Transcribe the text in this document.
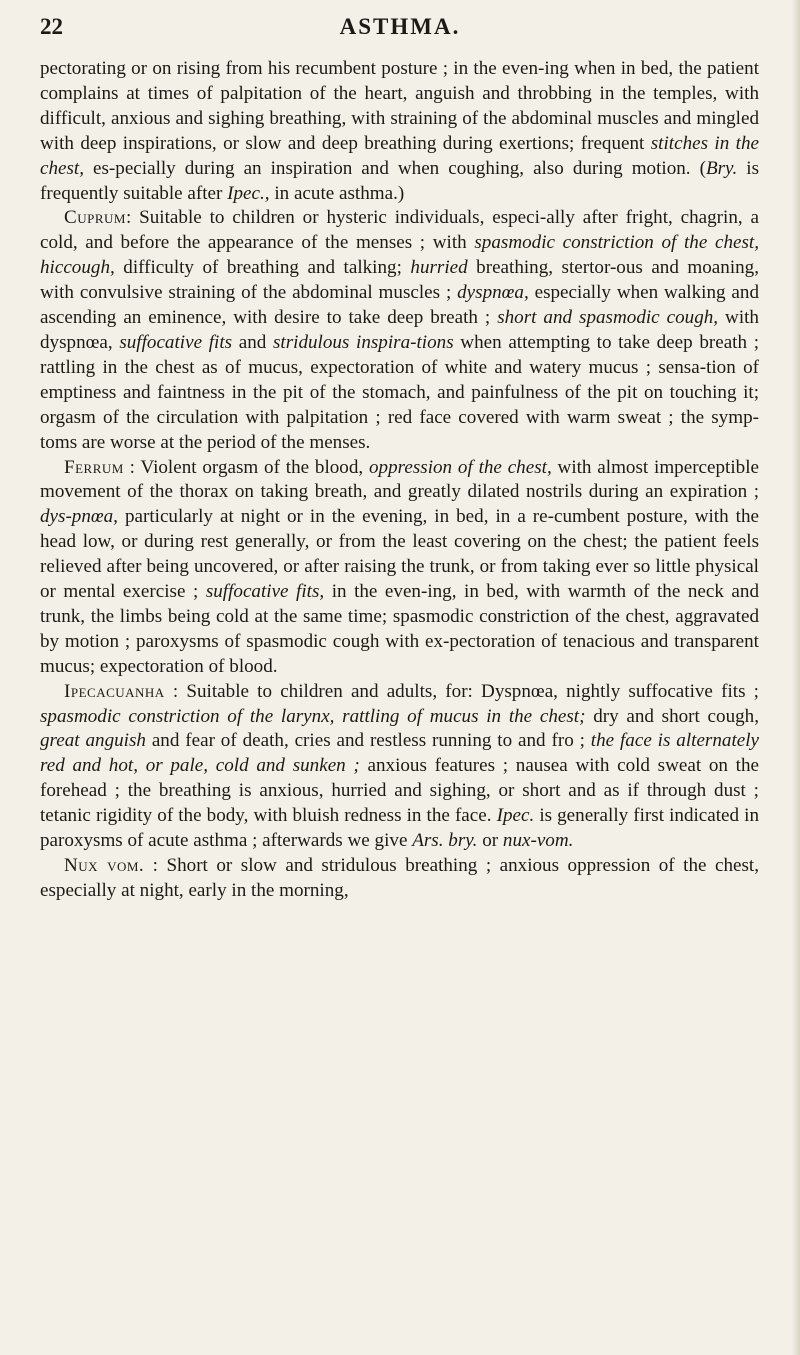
22	ASTHMA.

pectorating or on rising from his recumbent posture ; in the even-ing when in bed, the patient complains at times of palpitation of the heart, anguish and throbbing in the temples, with difficult, anxious and sighing breathing, with straining of the abdominal muscles and mingled with deep inspirations, or slow and deep breathing during exertions; frequent stitches in the chest, es-pecially during an inspiration and when coughing, also during motion. (Bry. is frequently suitable after Ipec., in acute asthma.)

Cuprum: Suitable to children or hysteric individuals, especi-ally after fright, chagrin, a cold, and before the appearance of the menses ; with spasmodic constriction of the chest, hiccough, difficulty of breathing and talking; hurried breathing, stertor-ous and moaning, with convulsive straining of the abdominal muscles ; dyspnœa, especially when walking and ascending an eminence, with desire to take deep breath ; short and spasmodic cough, with dyspnœa, suffocative fits and stridulous inspira-tions when attempting to take deep breath ; rattling in the chest as of mucus, expectoration of white and watery mucus ; sensa-tion of emptiness and faintness in the pit of the stomach, and painfulness of the pit on touching it; orgasm of the circulation with palpitation ; red face covered with warm sweat ; the symp-toms are worse at the period of the menses.

Ferrum : Violent orgasm of the blood, oppression of the chest, with almost imperceptible movement of the thorax on taking breath, and greatly dilated nostrils during an expiration ; dys-pnœa, particularly at night or in the evening, in bed, in a re-cumbent posture, with the head low, or during rest generally, or from the least covering on the chest; the patient feels relieved after being uncovered, or after raising the trunk, or from taking ever so little physical or mental exercise ; suffocative fits, in the even-ing, in bed, with warmth of the neck and trunk, the limbs being cold at the same time; spasmodic constriction of the chest, aggravated by motion ; paroxysms of spasmodic cough with ex-pectoration of tenacious and transparent mucus; expectoration of blood.

Ipecacuanha : Suitable to children and adults, for: Dyspnœa, nightly suffocative fits ; spasmodic constriction of the larynx, rattling of mucus in the chest; dry and short cough, great anguish and fear of death, cries and restless running to and fro ; the face is alternately red and hot, or pale, cold and sunken ; anxious features ; nausea with cold sweat on the forehead ; the breathing is anxious, hurried and sighing, or short and as if through dust ; tetanic rigidity of the body, with bluish redness in the face. Ipec. is generally first indicated in paroxysms of acute asthma ; afterwards we give Ars. bry. or nux-vom.

Nux vom. : Short or slow and stridulous breathing ; anxious oppression of the chest, especially at night, early in the morning,
